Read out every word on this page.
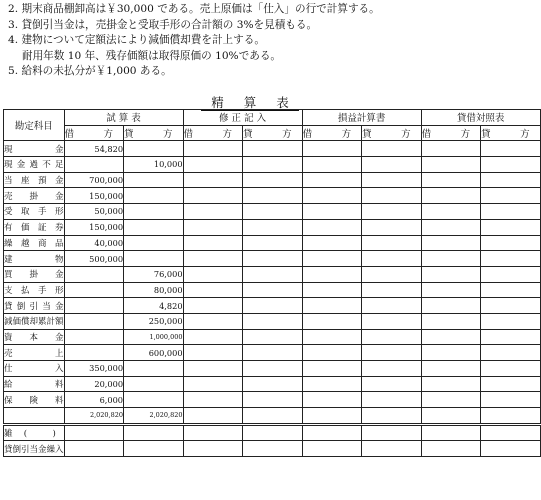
2. 期末商品棚卸高は￥30,000 である。売上原価は「仕入」の行で計算する。
3. 貸倒引当金は，売掛金と受取手形の合計額の 3%を見積もる。
4. 建物について定額法により減価償却費を計上する。
耐用年数 10 年、残存価額は取得原価の 10%である。
5. 給料の未払分が￥1,000 ある。
精 算 表
勘定科目	試 算 表		修 正 記 入		損益計算書		貸借対照表	
	借　方	貸　方	借　方	貸　方	借　方	貸　方	借　方	貸　方
現　　　金	54,820							
現金過不足		10,000						
当座預金	700,000							
売掛金	150,000							
受取手形	50,000							
有価証券	150,000							
繰越商品	40,000							
建　　　物	500,000							
買掛金		76,000						
支払手形		80,000						
貸倒引当金		4,820						
減価償却累計額		250,000						
資本金		1,000,000						
売　　　上		600,000						
仕　　　入	350,000							
給　　　料	20,000							
保険料	6,000							
	2,020,820	2,020,820						
雑 　(　　　)								
貸倒引当金繰入								
